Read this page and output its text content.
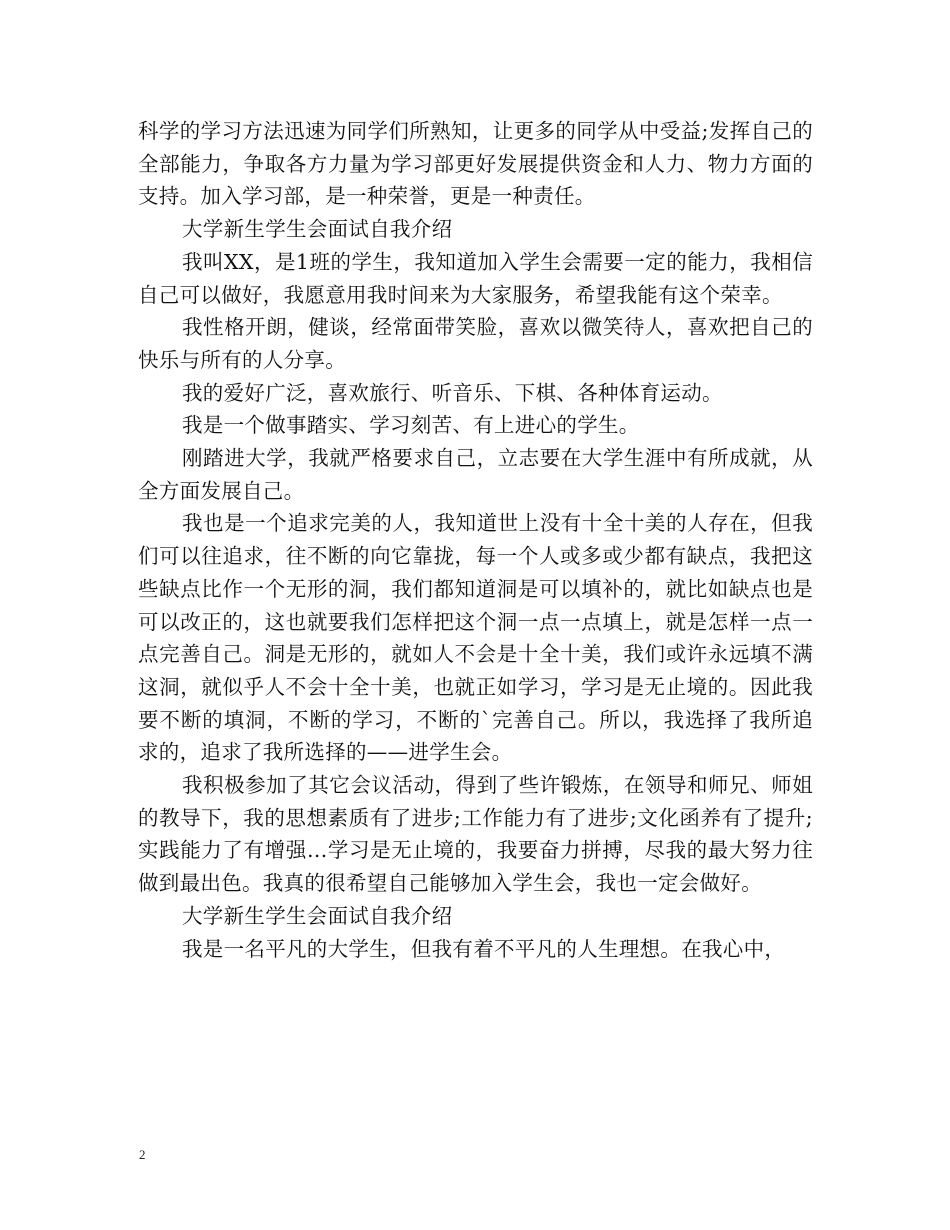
科学的学习方法迅速为同学们所熟知，让更多的同学从中受益;发挥自己的全部能力，争取各方力量为学习部更好发展提供资金和人力、物力方面的支持。加入学习部，是一种荣誉，更是一种责任。

大学新生学生会面试自我介绍

我叫XX，是1班的学生，我知道加入学生会需要一定的能力，我相信自己可以做好，我愿意用我时间来为大家服务，希望我能有这个荣幸。

我性格开朗，健谈，经常面带笑脸，喜欢以微笑待人，喜欢把自己的快乐与所有的人分享。

我的爱好广泛，喜欢旅行、听音乐、下棋、各种体育运动。

我是一个做事踏实、学习刻苦、有上进心的学生。

刚踏进大学，我就严格要求自己，立志要在大学生涯中有所成就，从全方面发展自己。

我也是一个追求完美的人，我知道世上没有十全十美的人存在，但我们可以往追求，往不断的向它靠拢，每一个人或多或少都有缺点，我把这些缺点比作一个无形的洞，我们都知道洞是可以填补的，就比如缺点也是可以改正的，这也就要我们怎样把这个洞一点一点填上，就是怎样一点一点完善自己。洞是无形的，就如人不会是十全十美，我们或许永远填不满这洞，就似乎人不会十全十美，也就正如学习，学习是无止境的。因此我要不断的填洞，不断的学习，不断的`完善自己。所以，我选择了我所追求的，追求了我所选择的——进学生会。

我积极参加了其它会议活动，得到了些许锻炼，在领导和师兄、师姐的教导下，我的思想素质有了进步;工作能力有了进步;文化函养有了提升;实践能力了有增强…学习是无止境的，我要奋力拼搏，尽我的最大努力往做到最出色。我真的很希望自己能够加入学生会，我也一定会做好。

大学新生学生会面试自我介绍

我是一名平凡的大学生，但我有着不平凡的人生理想。在我心中，

2
